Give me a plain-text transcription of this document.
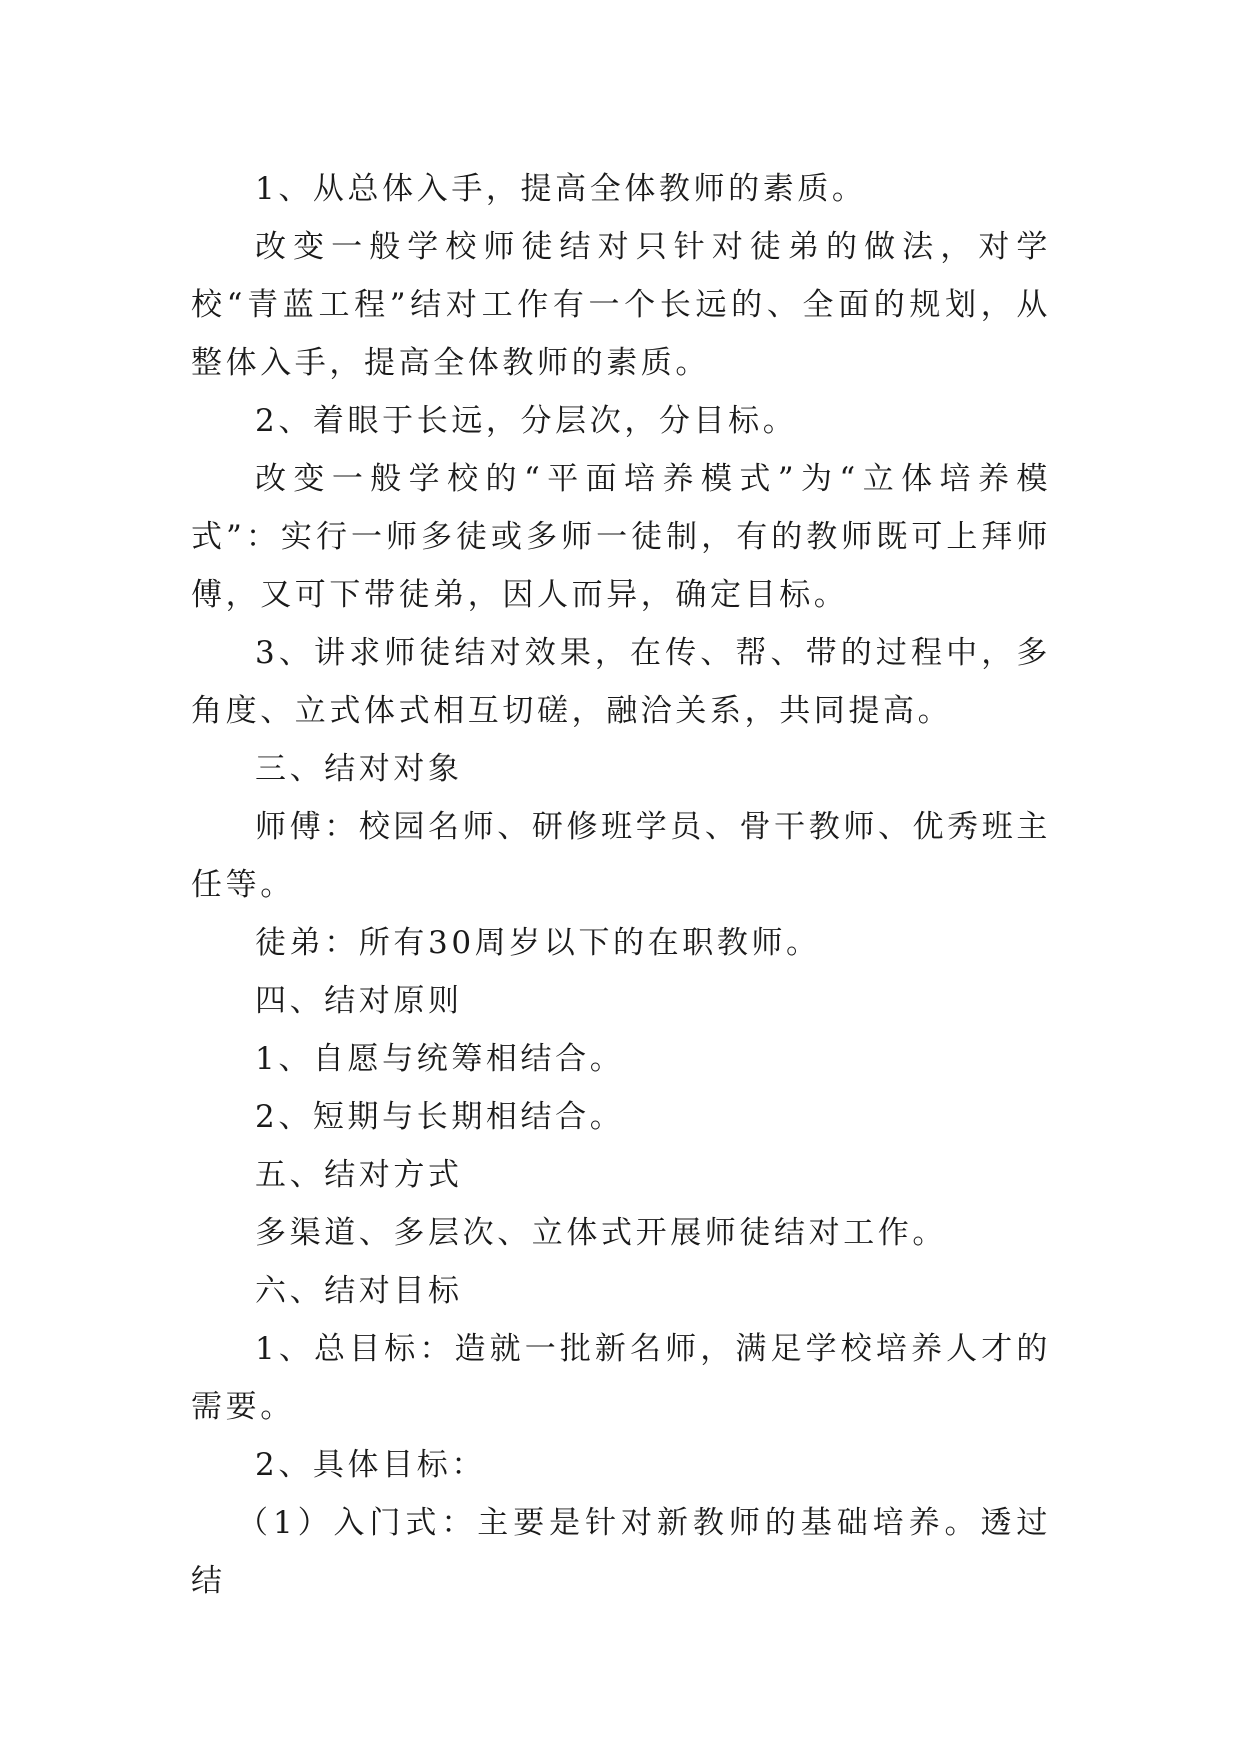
1、从总体入手，提高全体教师的素质。

改变一般学校师徒结对只针对徒弟的做法，对学校“青蓝工程”结对工作有一个长远的、全面的规划，从整体入手，提高全体教师的素质。

2、着眼于长远，分层次，分目标。

改变一般学校的“平面培养模式”为“立体培养模式”：实行一师多徒或多师一徒制，有的教师既可上拜师傅，又可下带徒弟，因人而异，确定目标。

3、讲求师徒结对效果，在传、帮、带的过程中，多角度、立式体式相互切磋，融洽关系，共同提高。

三、结对对象

师傅：校园名师、研修班学员、骨干教师、优秀班主任等。

徒弟：所有30周岁以下的在职教师。

四、结对原则

1、自愿与统筹相结合。

2、短期与长期相结合。

五、结对方式

多渠道、多层次、立体式开展师徒结对工作。

六、结对目标

1、总目标：造就一批新名师，满足学校培养人才的需要。

2、具体目标：

（1）入门式：主要是针对新教师的基础培养。透过结
